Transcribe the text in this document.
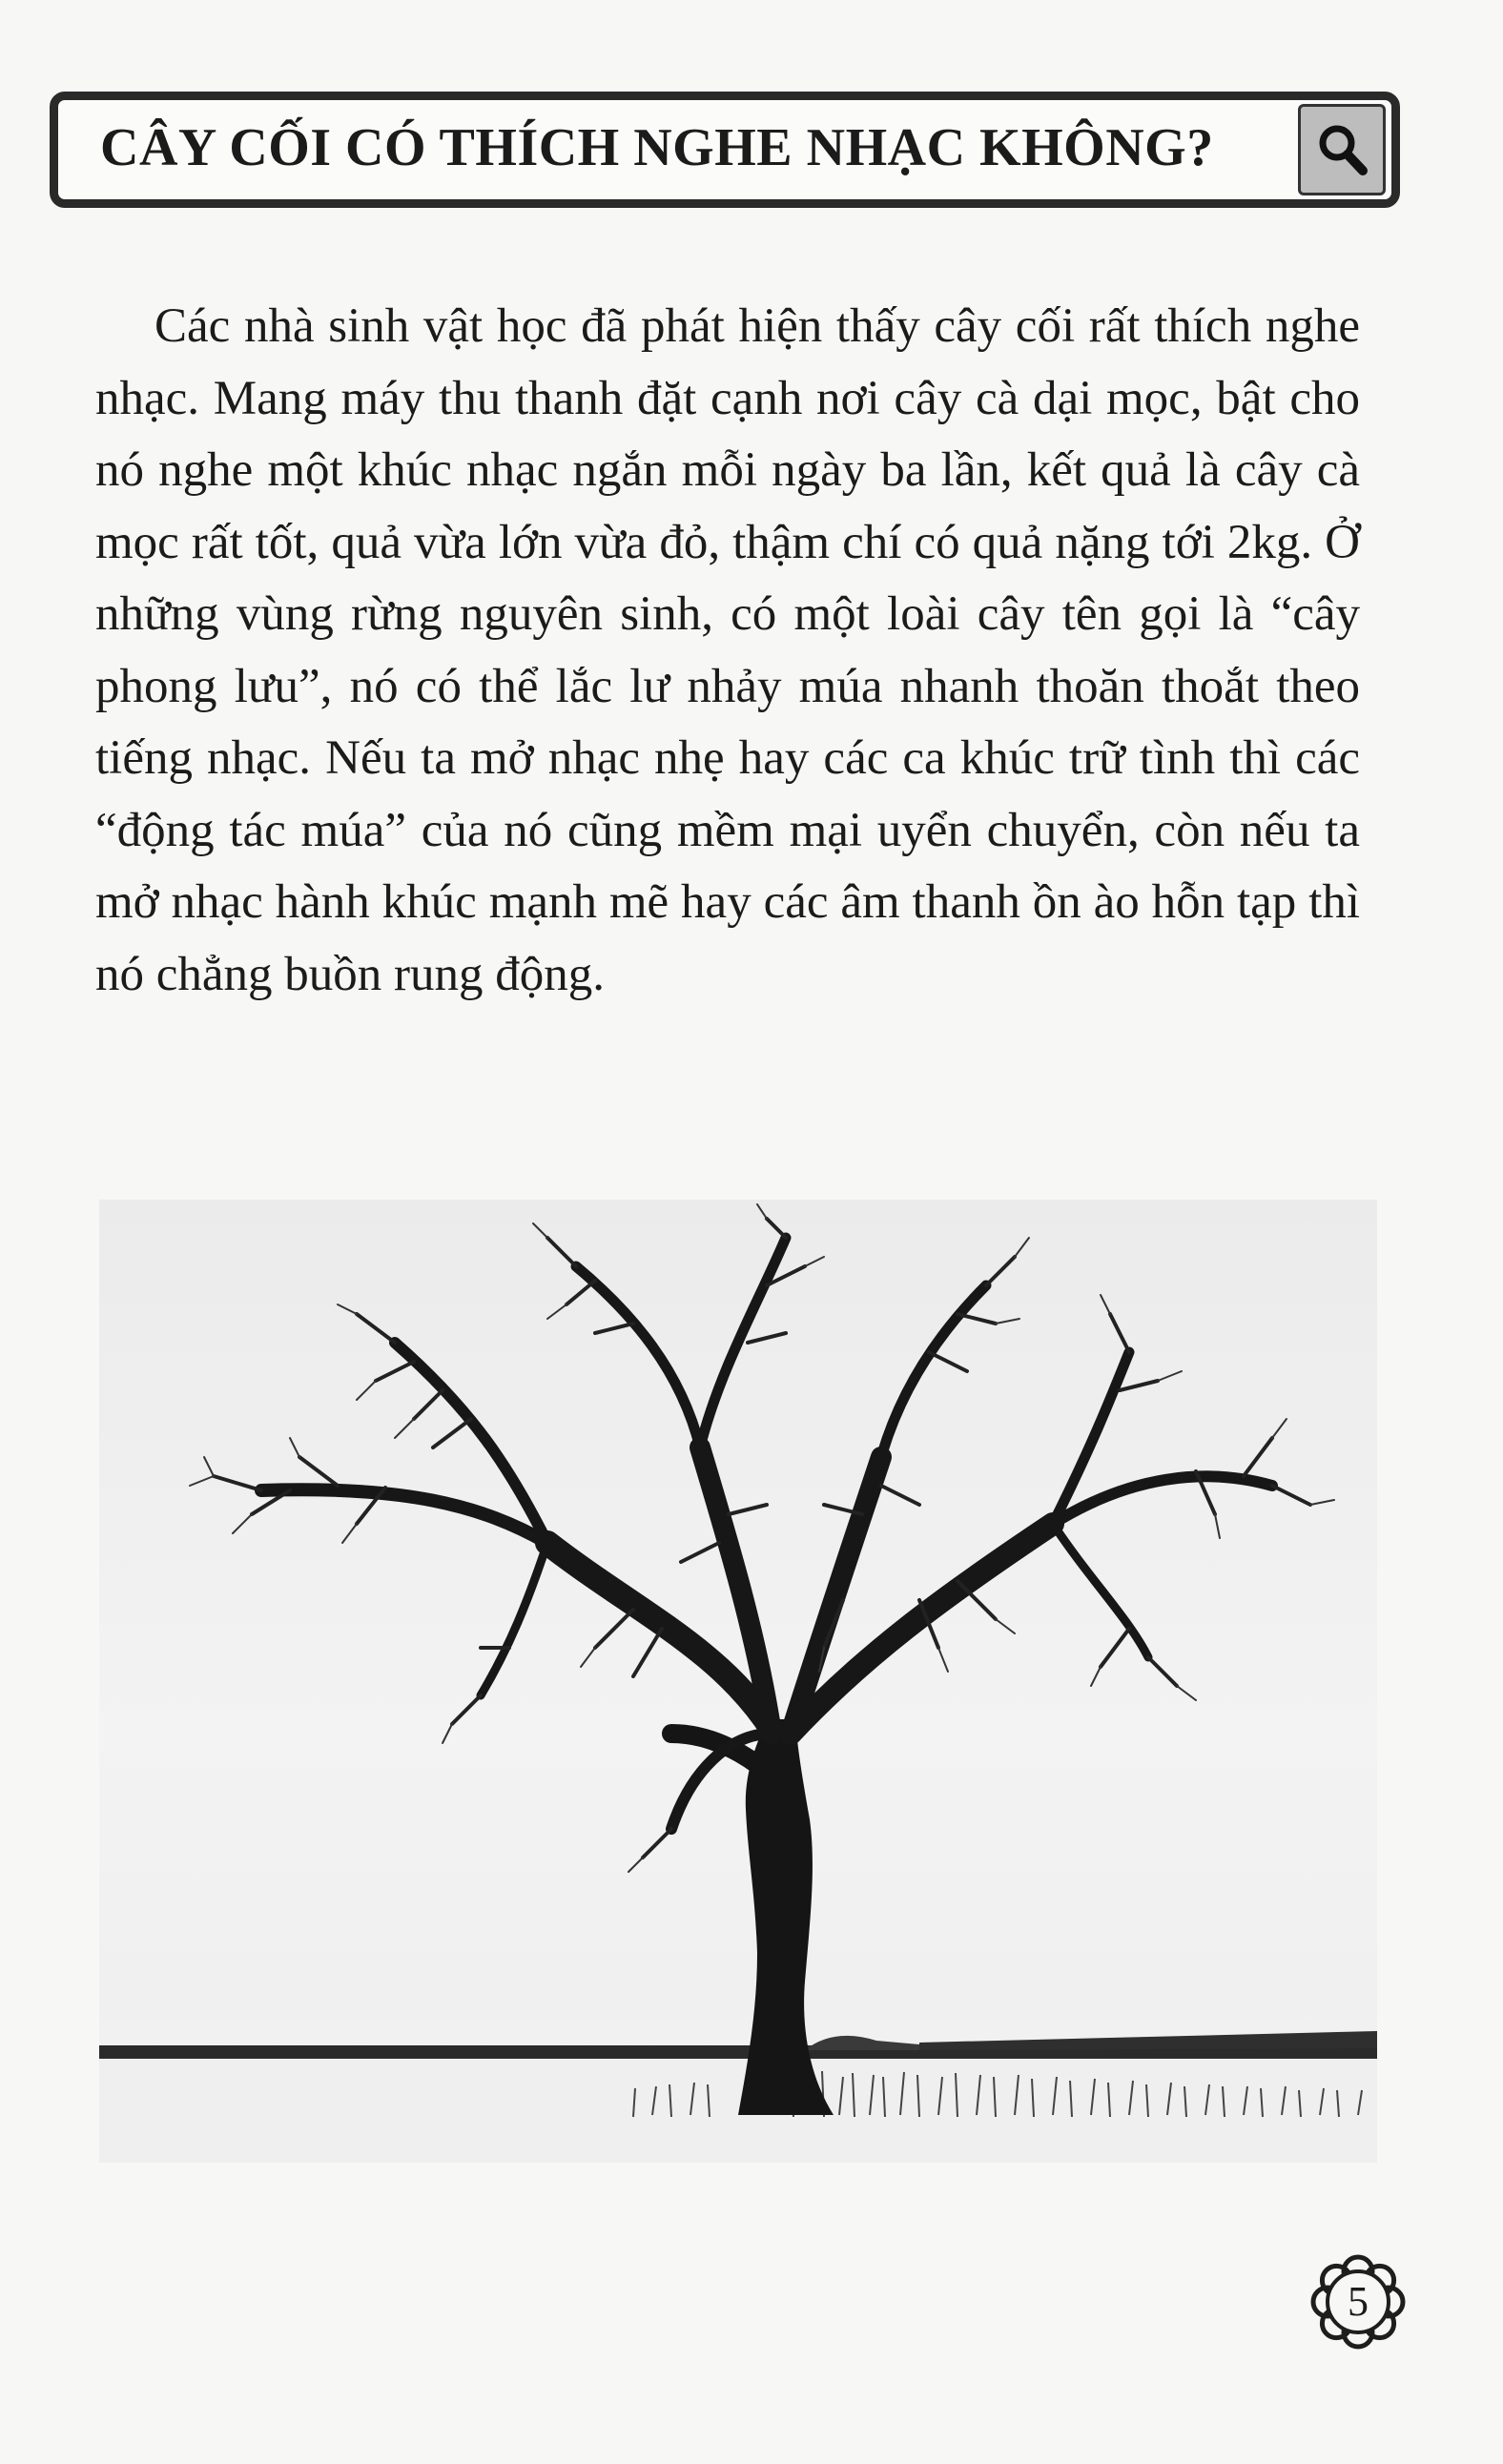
CÂY CỐI CÓ THÍCH NGHE NHẠC KHÔNG?

Các nhà sinh vật học đã phát hiện thấy cây cối rất thích nghe nhạc. Mang máy thu thanh đặt cạnh nơi cây cà dại mọc, bật cho nó nghe một khúc nhạc ngắn mỗi ngày ba lần, kết quả là cây cà mọc rất tốt, quả vừa lớn vừa đỏ, thậm chí có quả nặng tới 2kg. Ở những vùng rừng nguyên sinh, có một loài cây tên gọi là “cây phong lưu”, nó có thể lắc lư nhảy múa nhanh thoăn thoắt theo tiếng nhạc. Nếu ta mở nhạc nhẹ hay các ca khúc trữ tình thì các “động tác múa” của nó cũng mềm mại uyển chuyển, còn nếu ta mở nhạc hành khúc mạnh mẽ hay các âm thanh ồn ào hỗn tạp thì nó chẳng buồn rung động.

5
